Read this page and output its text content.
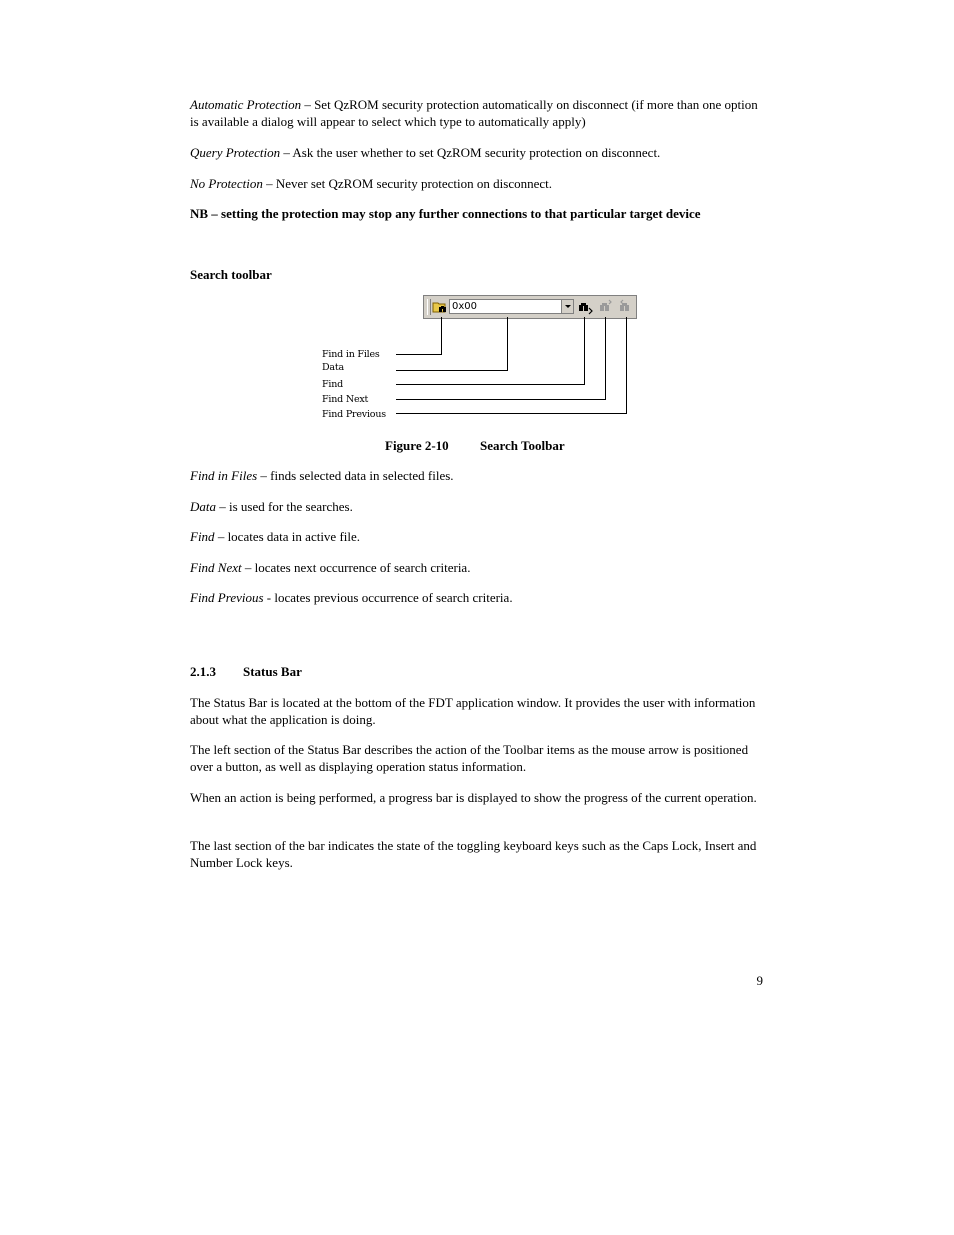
Automatic Protection – Set QzROM security protection automatically on disconnect (if more than one option is available a dialog will appear to select which type to automatically apply)

Query Protection – Ask the user whether to set QzROM security protection on disconnect.

No Protection – Never set QzROM security protection on disconnect.

NB – setting the protection may stop any further connections to that particular target device

Search toolbar

0x00
Find in Files
Data
Find
Find Next
Find Previous
Figure 2-10 Search Toolbar

Find in Files – finds selected data in selected files.

Data – is used for the searches.

Find – locates data in active file.

Find Next – locates next occurrence of search criteria.

Find Previous - locates previous occurrence of search criteria.

2.1.3 Status Bar

The Status Bar is located at the bottom of the FDT application window. It provides the user with information about what the application is doing.

The left section of the Status Bar describes the action of the Toolbar items as the mouse arrow is positioned over a button, as well as displaying operation status information.

When an action is being performed, a progress bar is displayed to show the progress of the current operation.

The last section of the bar indicates the state of the toggling keyboard keys such as the Caps Lock, Insert and Number Lock keys.

9
